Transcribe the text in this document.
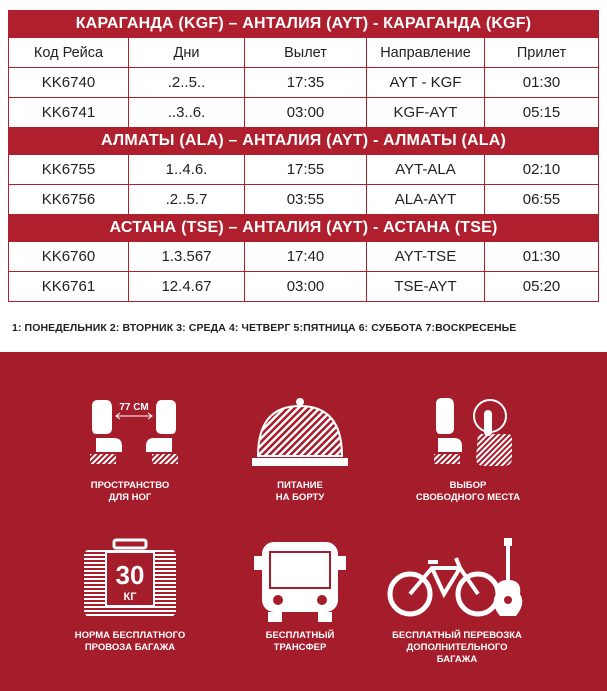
КАРАГАНДА (KGF) – АНТАЛИЯ (AYT) - КАРАГАНДА (KGF)				
Код Рейса	Дни	Вылет	Направление	Прилет
KK6740	.2..5..	17:35	AYT - KGF	01:30
KK6741	..3..6.	03:00	KGF-AYT	05:15
АЛМАТЫ (ALA) – АНТАЛИЯ (AYT) - АЛМАТЫ (ALA)				
KK6755	1..4.6.	17:55	AYT-ALA	02:10
KK6756	.2..5.7	03:55	ALA-AYT	06:55
АСТАНА (TSE) – АНТАЛИЯ (AYT) - АСТАНА (TSE)				
KK6760	1.3.567	17:40	AYT-TSE	01:30
KK6761	12.4.67	03:00	TSE-AYT	05:20
1: ПОНЕДЕЛЬНИК 2: ВТОРНИК 3: СРЕДА 4: ЧЕТВЕРГ 5:ПЯТНИЦА 6: СУББОТА 7:ВОСКРЕСЕНЬЕ
77 СМ
ПРОСТРАНСТВО
ДЛЯ НОГ
ПИТАНИЕ
НА БОРТУ
ВЫБОР
СВОБОДНОГО МЕСТА
30
КГ
НОРМА БЕСПЛАТНОГО
ПРОВОЗА БАГАЖА
БЕСПЛАТНЫЙ
ТРАНСФЕР
БЕСПЛАТНЫЙ ПЕРЕВОЗКА
ДОПОЛНИТЕЛЬНОГО
БАГАЖА
